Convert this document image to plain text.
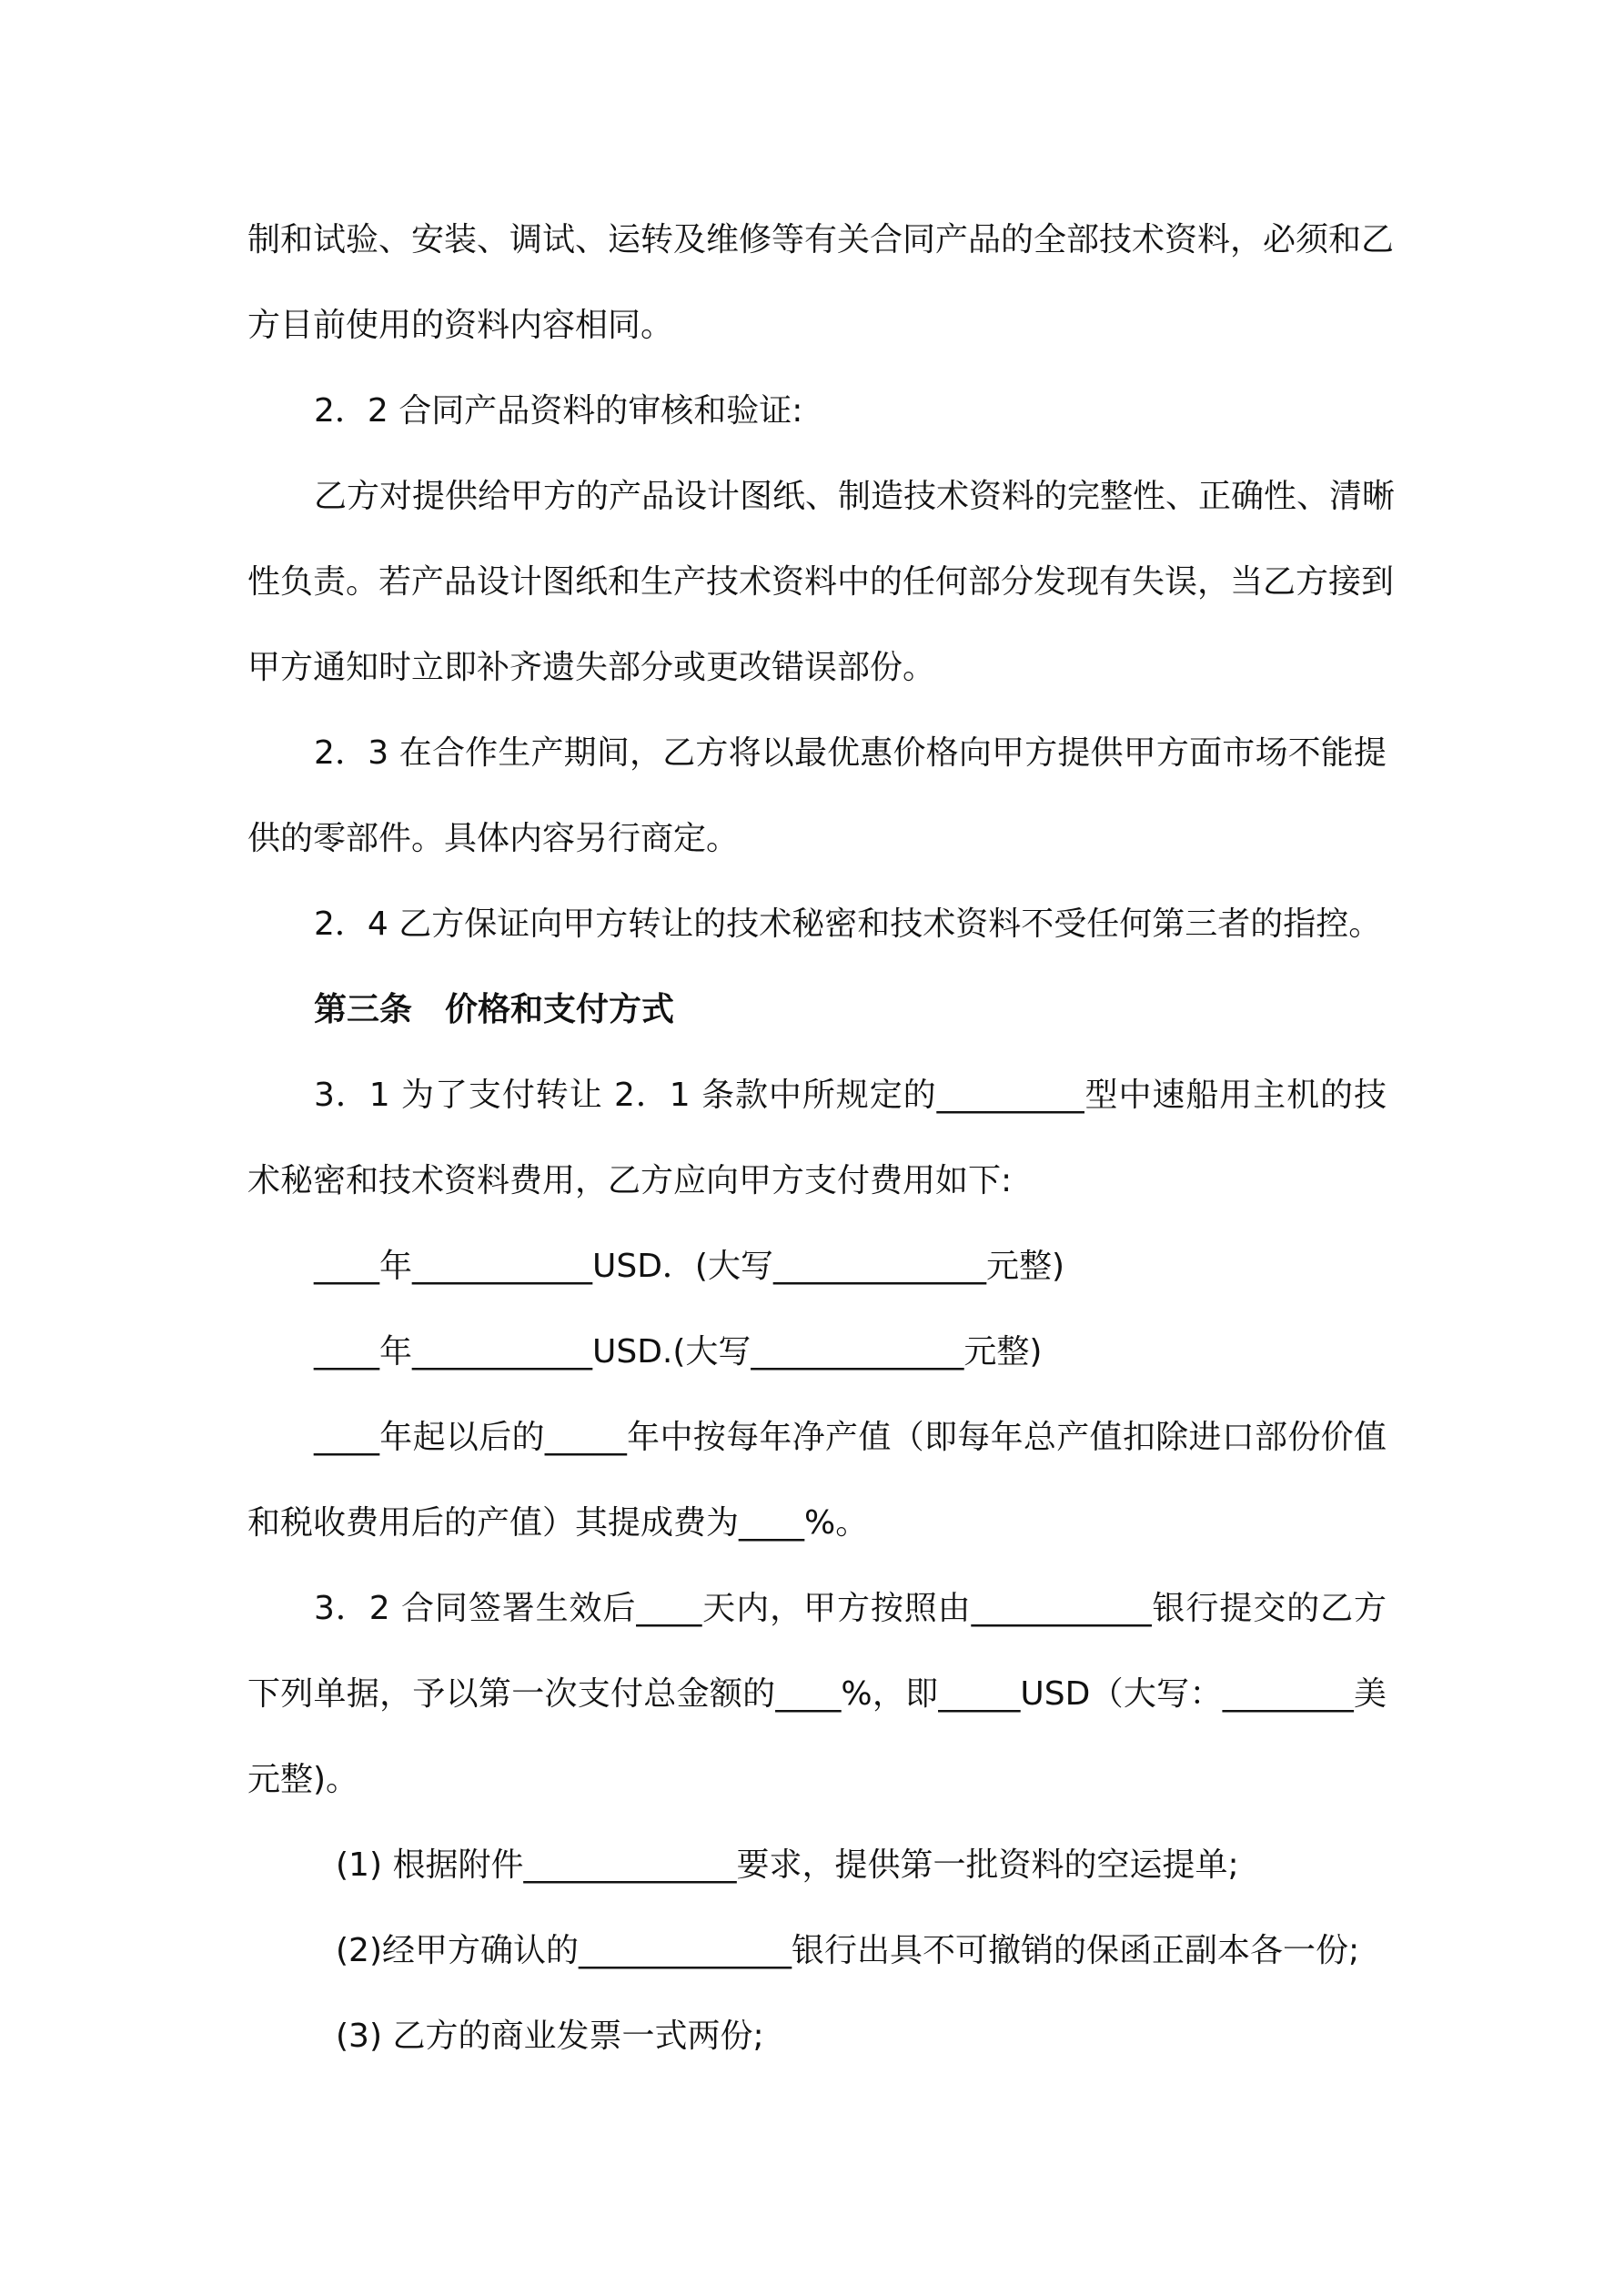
制和试验、安装、调试、运转及维修等有关合同产品的全部技术资料，必须和乙
方目前使用的资料内容相同。
2．2 合同产品资料的审核和验证:
乙方对提供给甲方的产品设计图纸、制造技术资料的完整性、正确性、清晰
性负责。若产品设计图纸和生产技术资料中的任何部分发现有失误，当乙方接到
甲方通知时立即补齐遗失部分或更改错误部份。
2．3 在合作生产期间，乙方将以最优惠价格向甲方提供甲方面市场不能提
供的零部件。具体内容另行商定。
2．4 乙方保证向甲方转让的技术秘密和技术资料不受任何第三者的指控。
第三条　价格和支付方式
3．1 为了支付转让 2．1 条款中所规定的_________型中速船用主机的技
术秘密和技术资料费用，乙方应向甲方支付费用如下:
____年___________USD．(大写_____________元整)
____年___________USD.(大写_____________元整)
____年起以后的_____年中按每年净产值（即每年总产值扣除进口部份价值
和税收费用后的产值）其提成费为____%。
3．2 合同签署生效后____天内，甲方按照由___________银行提交的乙方
下列单据，予以第一次支付总金额的____%，即_____USD（大写：________美
元整)。
(1) 根据附件_____________要求，提供第一批资料的空运提单;
(2)经甲方确认的_____________银行出具不可撤销的保函正副本各一份;
(3) 乙方的商业发票一式两份;
